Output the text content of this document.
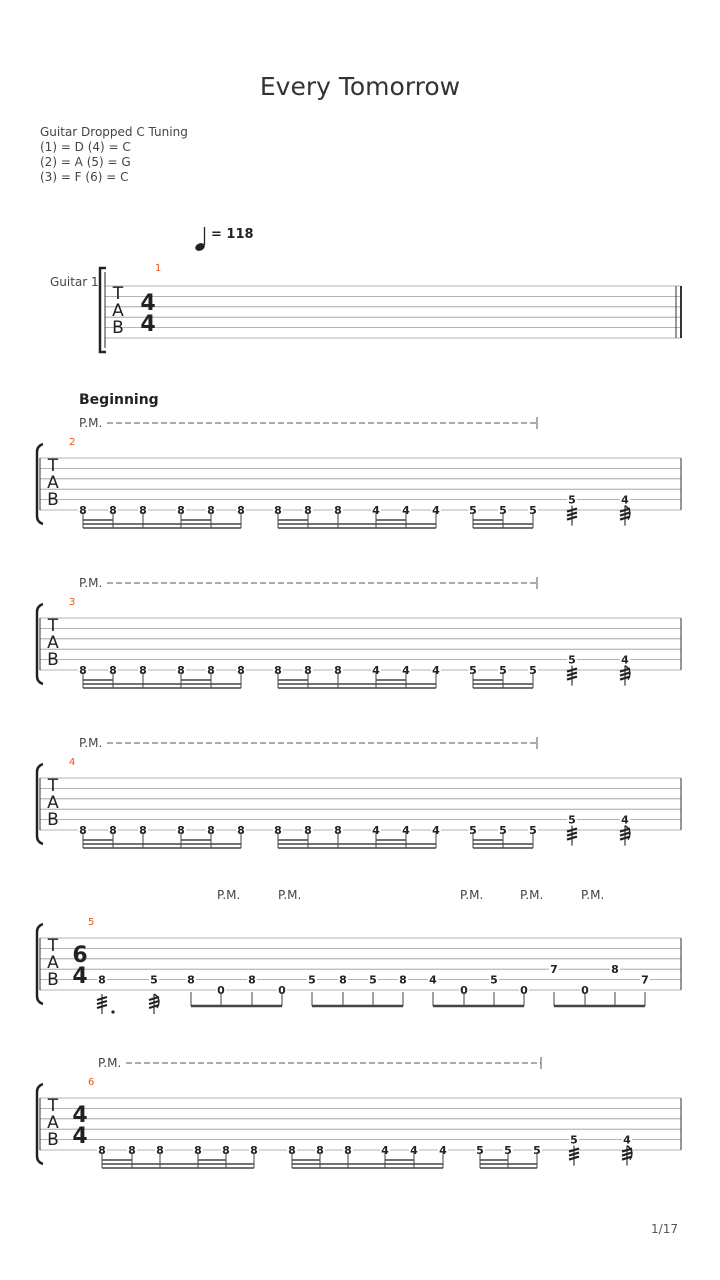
Every Tomorrow
Guitar Dropped C Tuning
(1) = D (4) = C
(2) = A (5) = G
(3) = F (6) = C
= 118
Guitar 1
T
A
B
1
4
4
T
A
B
2
8 8 8	8 8 8	8 8 8	4 4 4	5 5 5
5	4
T
A
B
3
8 8 8	8 8 8	8 8 8	4 4 4	5 5 5
5	4
T
A
B
4
8 8 8	8 8 8	8 8 8	4 4 4	5 5 5
5	4
T
A
B
5
6
4 8	5	8
0
8
0
5 8 5 8 4
0
5
0
7
0
8
7
T
A
B
6
4
4
8 8 8	8 8 8	8 8 8	4 4 4	5 5 5
5	4
Beginning
P.M.
P.M.
P.M.
P.M.
P.M.	P.M.	P.M.	P.M.	P.M.
1/17
